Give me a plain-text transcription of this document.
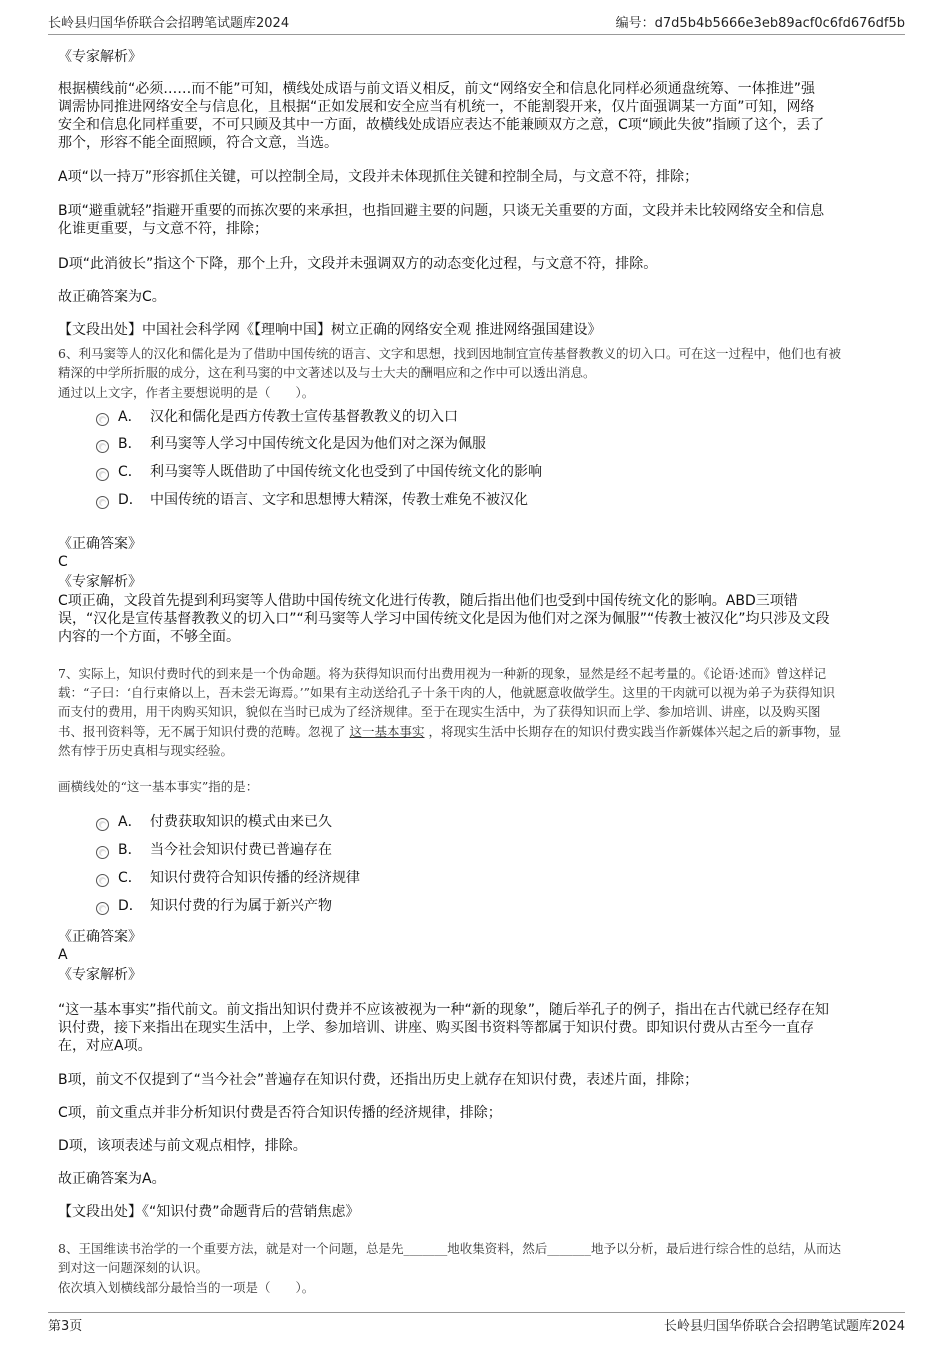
长岭县归国华侨联合会招聘笔试题库2024	编号：d7d5b4b5666e3eb89acf0c6fd676df5b
《专家解析》
根据横线前“必须……而不能”可知，横线处成语与前文语义相反，前文“网络安全和信息化同样必须通盘统筹、一体推进”强
调需协同推进网络安全与信息化，且根据“正如发展和安全应当有机统一，不能割裂开来，仅片面强调某一方面”可知，网络
安全和信息化同样重要，不可只顾及其中一方面，故横线处成语应表达不能兼顾双方之意，C项“顾此失彼”指顾了这个，丢了
那个，形容不能全面照顾，符合文意，当选。
A项“以一持万”形容抓住关键，可以控制全局，文段并未体现抓住关键和控制全局，与文意不符，排除；
B项“避重就轻”指避开重要的而拣次要的来承担，也指回避主要的问题，只谈无关重要的方面，文段并未比较网络安全和信息
化谁更重要，与文意不符，排除；
D项“此消彼长”指这个下降，那个上升，文段并未强调双方的动态变化过程，与文意不符，排除。
故正确答案为C。
【文段出处】中国社会科学网《【理响中国】树立正确的网络安全观 推进网络强国建设》
6、利马窦等人的汉化和儒化是为了借助中国传统的语言、文字和思想，找到因地制宜宣传基督教教义的切入口。可在这一过程中，他们也有被
精深的中学所折服的成分，这在利马窦的中文著述以及与士大夫的酬唱应和之作中可以透出消息。
通过以上文字，作者主要想说明的是（　　）。
A． 汉化和儒化是西方传教士宣传基督教教义的切入口
B． 利马窦等人学习中国传统文化是因为他们对之深为佩服
C． 利马窦等人既借助了中国传统文化也受到了中国传统文化的影响
D． 中国传统的语言、文字和思想博大精深，传教士难免不被汉化
《正确答案》
C
《专家解析》
C项正确，文段首先提到利玛窦等人借助中国传统文化进行传教，随后指出他们也受到中国传统文化的影响。ABD三项错
误，“汉化是宣传基督教教义的切入口”“利马窦等人学习中国传统文化是因为他们对之深为佩服”“传教士被汉化”均只涉及文段
内容的一个方面，不够全面。
7、实际上，知识付费时代的到来是一个伪命题。将为获得知识而付出费用视为一种新的现象，显然是经不起考量的。《论语·述而》曾这样记
载：“子曰：‘自行束脩以上，吾未尝无诲焉。’”如果有主动送给孔子十条干肉的人，他就愿意收做学生。这里的干肉就可以视为弟子为获得知识
而支付的费用，用干肉购买知识，貌似在当时已成为了经济规律。至于在现实生活中，为了获得知识而上学、参加培训、讲座，以及购买图
书、报刊资料等，无不属于知识付费的范畴。忽视了 这一基本事实 ，将现实生活中长期存在的知识付费实践当作新媒体兴起之后的新事物，显
然有悖于历史真相与现实经验。
画横线处的“这一基本事实”指的是：
A． 付费获取知识的模式由来已久
B． 当今社会知识付费已普遍存在
C． 知识付费符合知识传播的经济规律
D． 知识付费的行为属于新兴产物
《正确答案》
A
《专家解析》
“这一基本事实”指代前文。前文指出知识付费并不应该被视为一种“新的现象”，随后举孔子的例子，指出在古代就已经存在知
识付费，接下来指出在现实生活中，上学、参加培训、讲座、购买图书资料等都属于知识付费。即知识付费从古至今一直存
在，对应A项。
B项，前文不仅提到了“当今社会”普遍存在知识付费，还指出历史上就存在知识付费，表述片面，排除；
C项，前文重点并非分析知识付费是否符合知识传播的经济规律，排除；
D项，该项表述与前文观点相悖，排除。
故正确答案为A。
【文段出处】《“知识付费”命题背后的营销焦虑》
8、王国维读书治学的一个重要方法，就是对一个问题，总是先_______地收集资料，然后_______地予以分析，最后进行综合性的总结，从而达
到对这一问题深刻的认识。
依次填入划横线部分最恰当的一项是（　　）。
第3页	长岭县归国华侨联合会招聘笔试题库2024
